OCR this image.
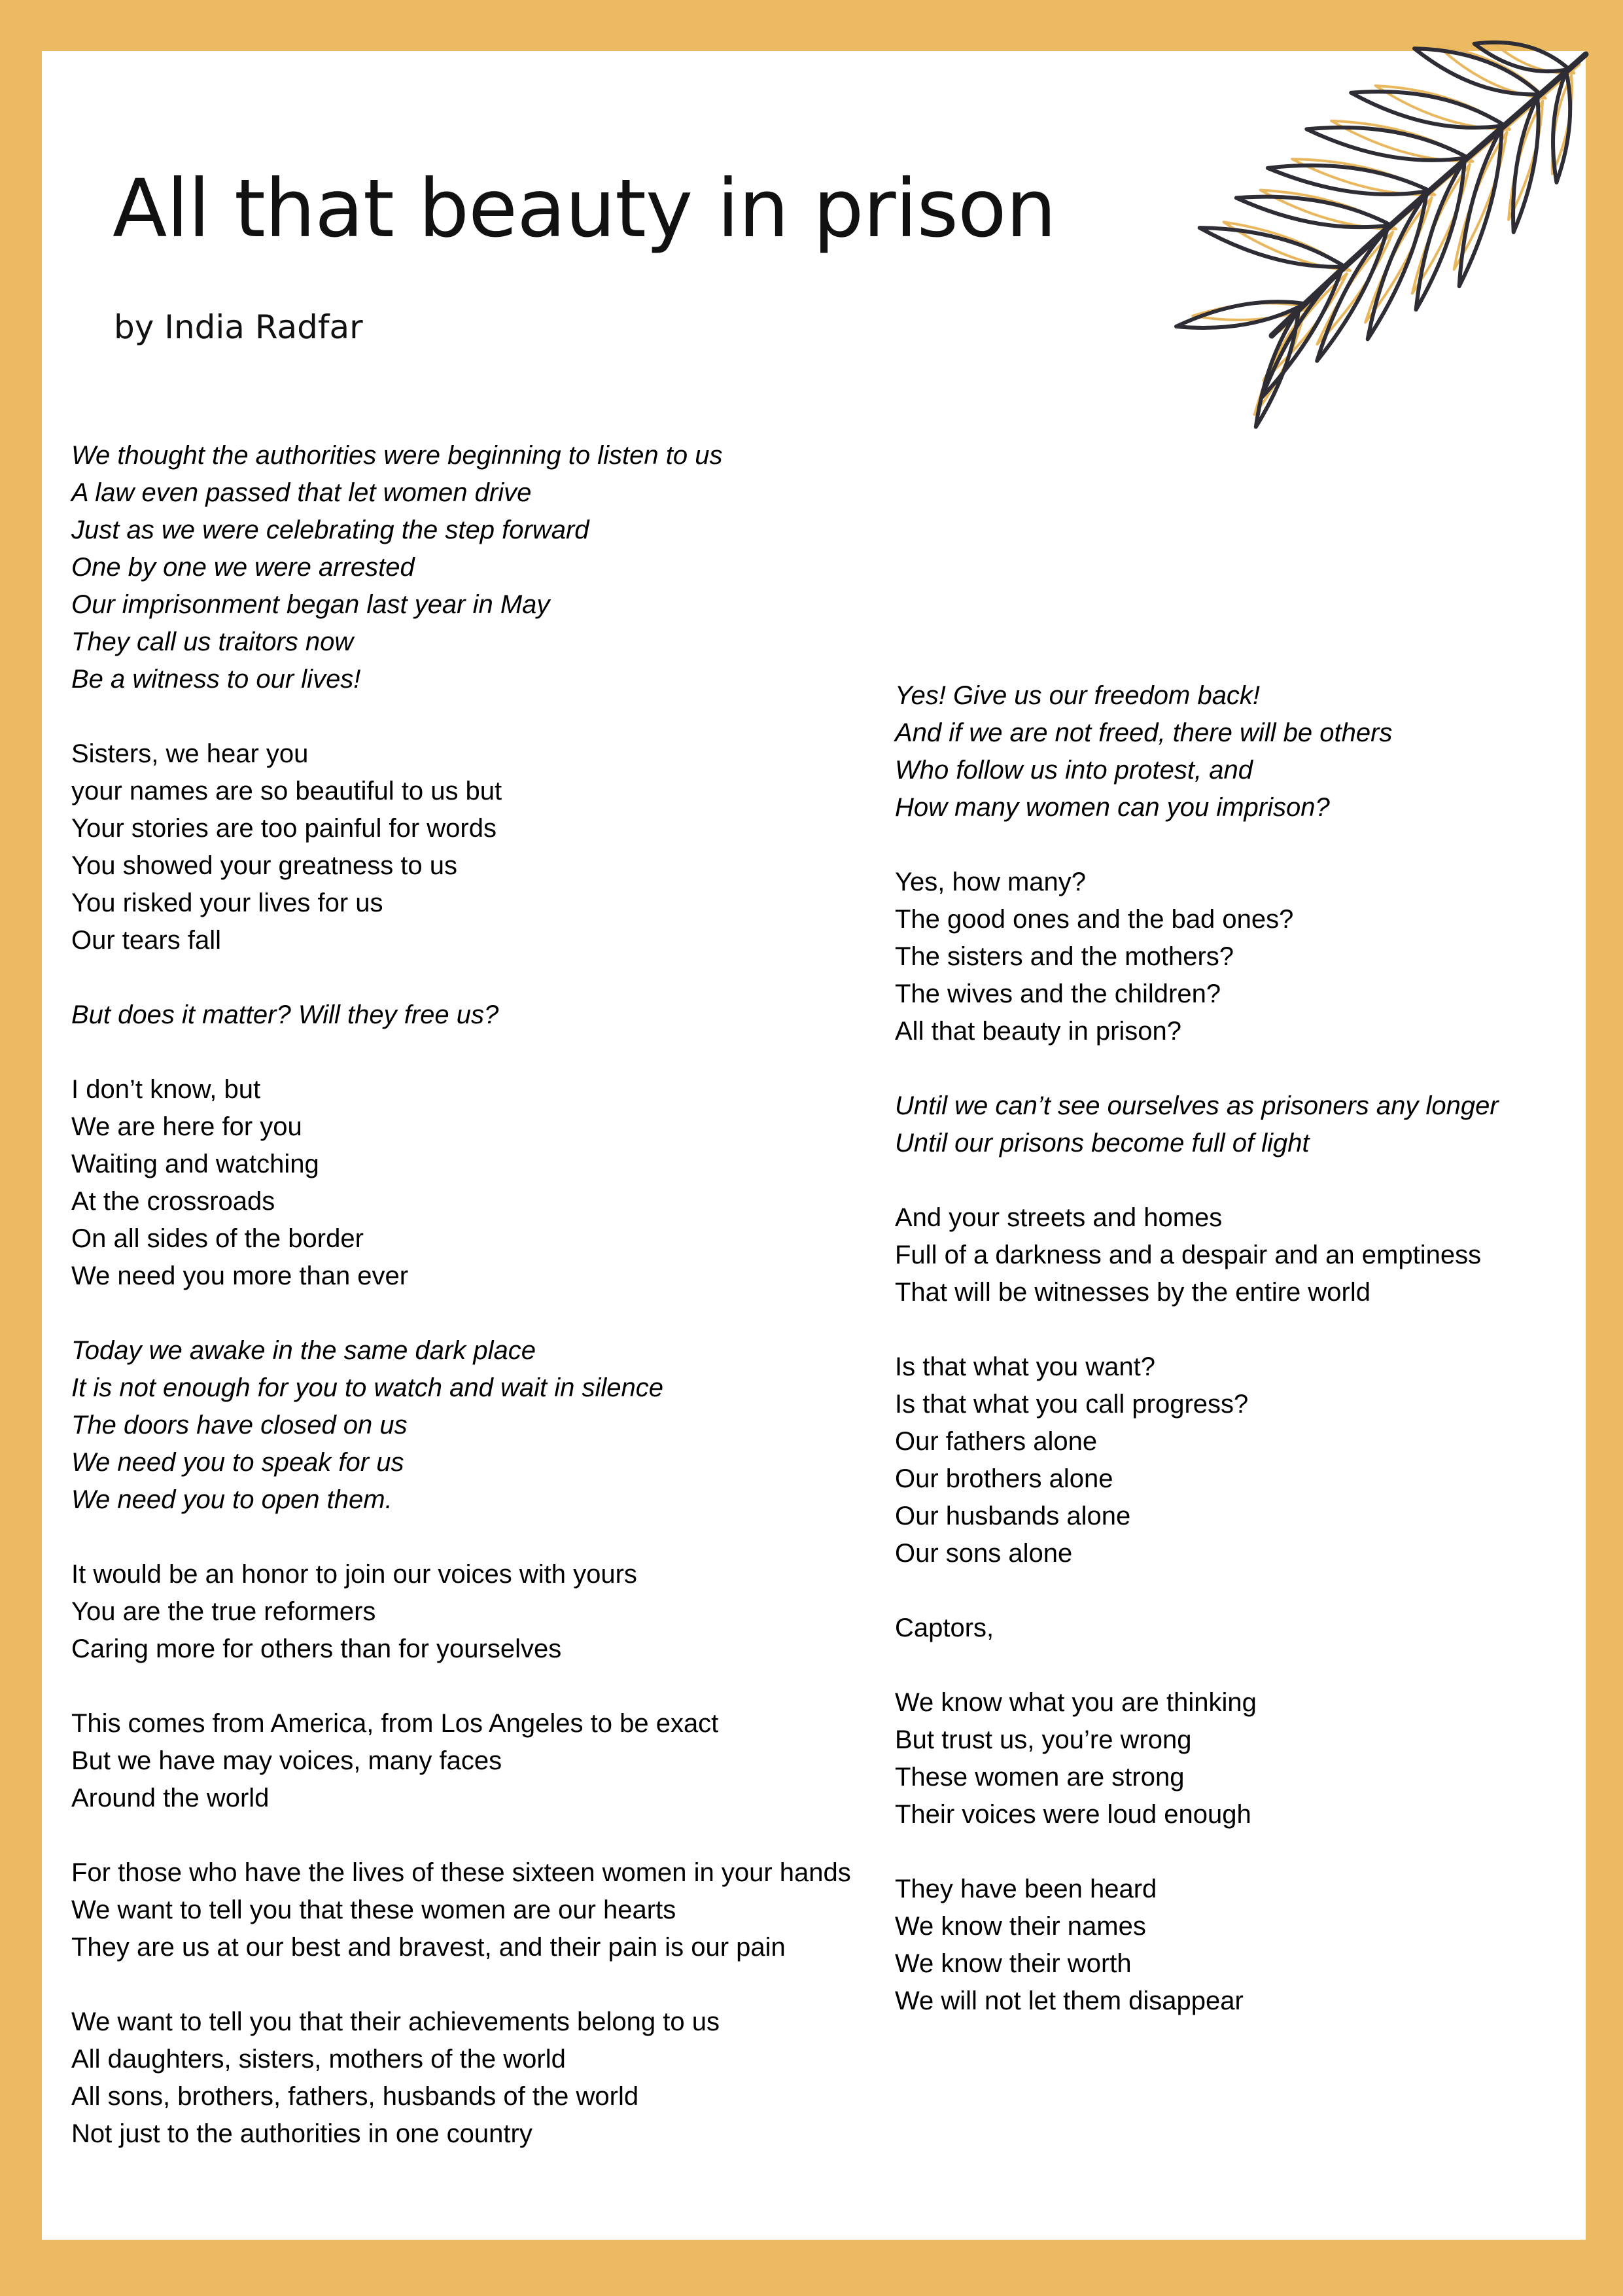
All that beauty in prison

by India Radfar

We thought the authorities were beginning to listen to us
A law even passed that let women drive
Just as we were celebrating the step forward
One by one we were arrested
Our imprisonment began last year in May
They call us traitors now
Be a witness to our lives!
Sisters, we hear you
your names are so beautiful to us but
Your stories are too painful for words
You showed your greatness to us
You risked your lives for us
Our tears fall
But does it matter? Will they free us?
I don’t know, but
We are here for you
Waiting and watching
At the crossroads
On all sides of the border
We need you more than ever
Today we awake in the same dark place
It is not enough for you to watch and wait in silence
The doors have closed on us
We need you to speak for us
We need you to open them.
It would be an honor to join our voices with yours
You are the true reformers
Caring more for others than for yourselves
This comes from America, from Los Angeles to be exact
But we have may voices, many faces
Around the world
For those who have the lives of these sixteen women in your hands
We want to tell you that these women are our hearts
They are us at our best and bravest, and their pain is our pain
We want to tell you that their achievements belong to us
All daughters, sisters, mothers of the world
All sons, brothers, fathers, husbands of the world
Not just to the authorities in one country
Yes! Give us our freedom back!
And if we are not freed, there will be others
Who follow us into protest, and
How many women can you imprison?
Yes, how many?
The good ones and the bad ones?
The sisters and the mothers?
The wives and the children?
All that beauty in prison?
Until we can’t see ourselves as prisoners any longer
Until our prisons become full of light
And your streets and homes
Full of a darkness and a despair and an emptiness
That will be witnesses by the entire world
Is that what you want?
Is that what you call progress?
Our fathers alone
Our brothers alone
Our husbands alone
Our sons alone
Captors,
We know what you are thinking
But trust us, you’re wrong
These women are strong
Their voices were loud enough
They have been heard
We know their names
We know their worth
We will not let them disappear
